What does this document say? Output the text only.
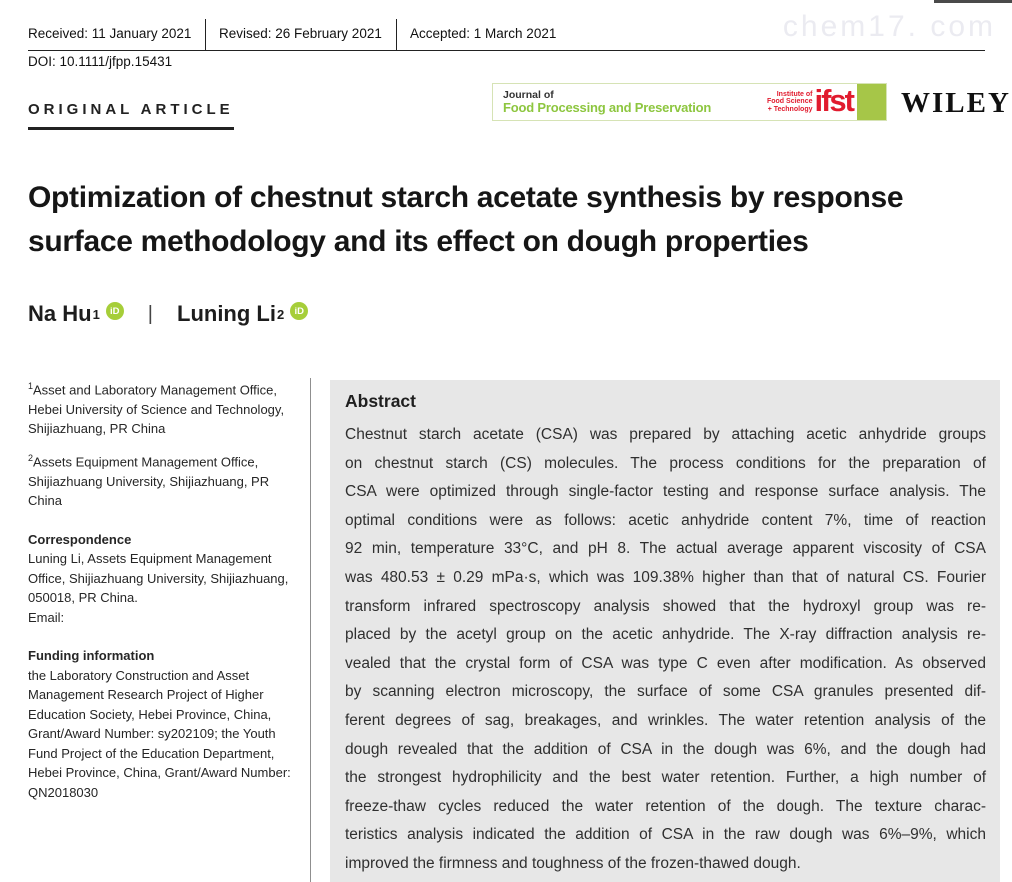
chem17. com
Received: 11 January 2021	Revised: 26 February 2021	Accepted: 1 March 2021
DOI: 10.1111/jfpp.15431
ORIGINAL ARTICLE
Journal of
Food Processing and Preservation
Institute of
Food Science
+ Technology ifst WILEY
Optimization of chestnut starch acetate synthesis by response
surface methodology and its effect on dough properties
Na Hu 1	iD | Luning Li 2	iD
$^1$Asset and Laboratory Management Office, Hebei University of Science and Technology, Shijiazhuang, PR China
$^2$Assets Equipment Management Office, Shijiazhuang University, Shijiazhuang, PR China
Correspondence
Luning Li, Assets Equipment Management Office, Shijiazhuang University, Shijiazhuang, 050018, PR China.
Email:
Funding information
the Laboratory Construction and Asset Management Research Project of Higher Education Society, Hebei Province, China, Grant/Award Number: sy202109; the Youth Fund Project of the Education Department, Hebei Province, China, Grant/Award Number: QN2018030
Abstract
Chestnut starch acetate (CSA) was prepared by attaching acetic anhydride groups
on chestnut starch (CS) molecules. The process conditions for the preparation of
CSA were optimized through single-factor testing and response surface analysis. The
optimal conditions were as follows: acetic anhydride content 7%, time of reaction
92 min, temperature 33°C, and pH 8. The actual average apparent viscosity of CSA
was 480.53 ± 0.29 mPa·s, which was 109.38% higher than that of natural CS. Fourier
transform infrared spectroscopy analysis showed that the hydroxyl group was re-
placed by the acetyl group on the acetic anhydride. The X-ray diffraction analysis re-
vealed that the crystal form of CSA was type C even after modification. As observed
by scanning electron microscopy, the surface of some CSA granules presented dif-
ferent degrees of sag, breakages, and wrinkles. The water retention analysis of the
dough revealed that the addition of CSA in the dough was 6%, and the dough had
the strongest hydrophilicity and the best water retention. Further, a high number of
freeze-thaw cycles reduced the water retention of the dough. The texture charac-
teristics analysis indicated the addition of CSA in the raw dough was 6%–9%, which
improved the firmness and toughness of the frozen-thawed dough.
